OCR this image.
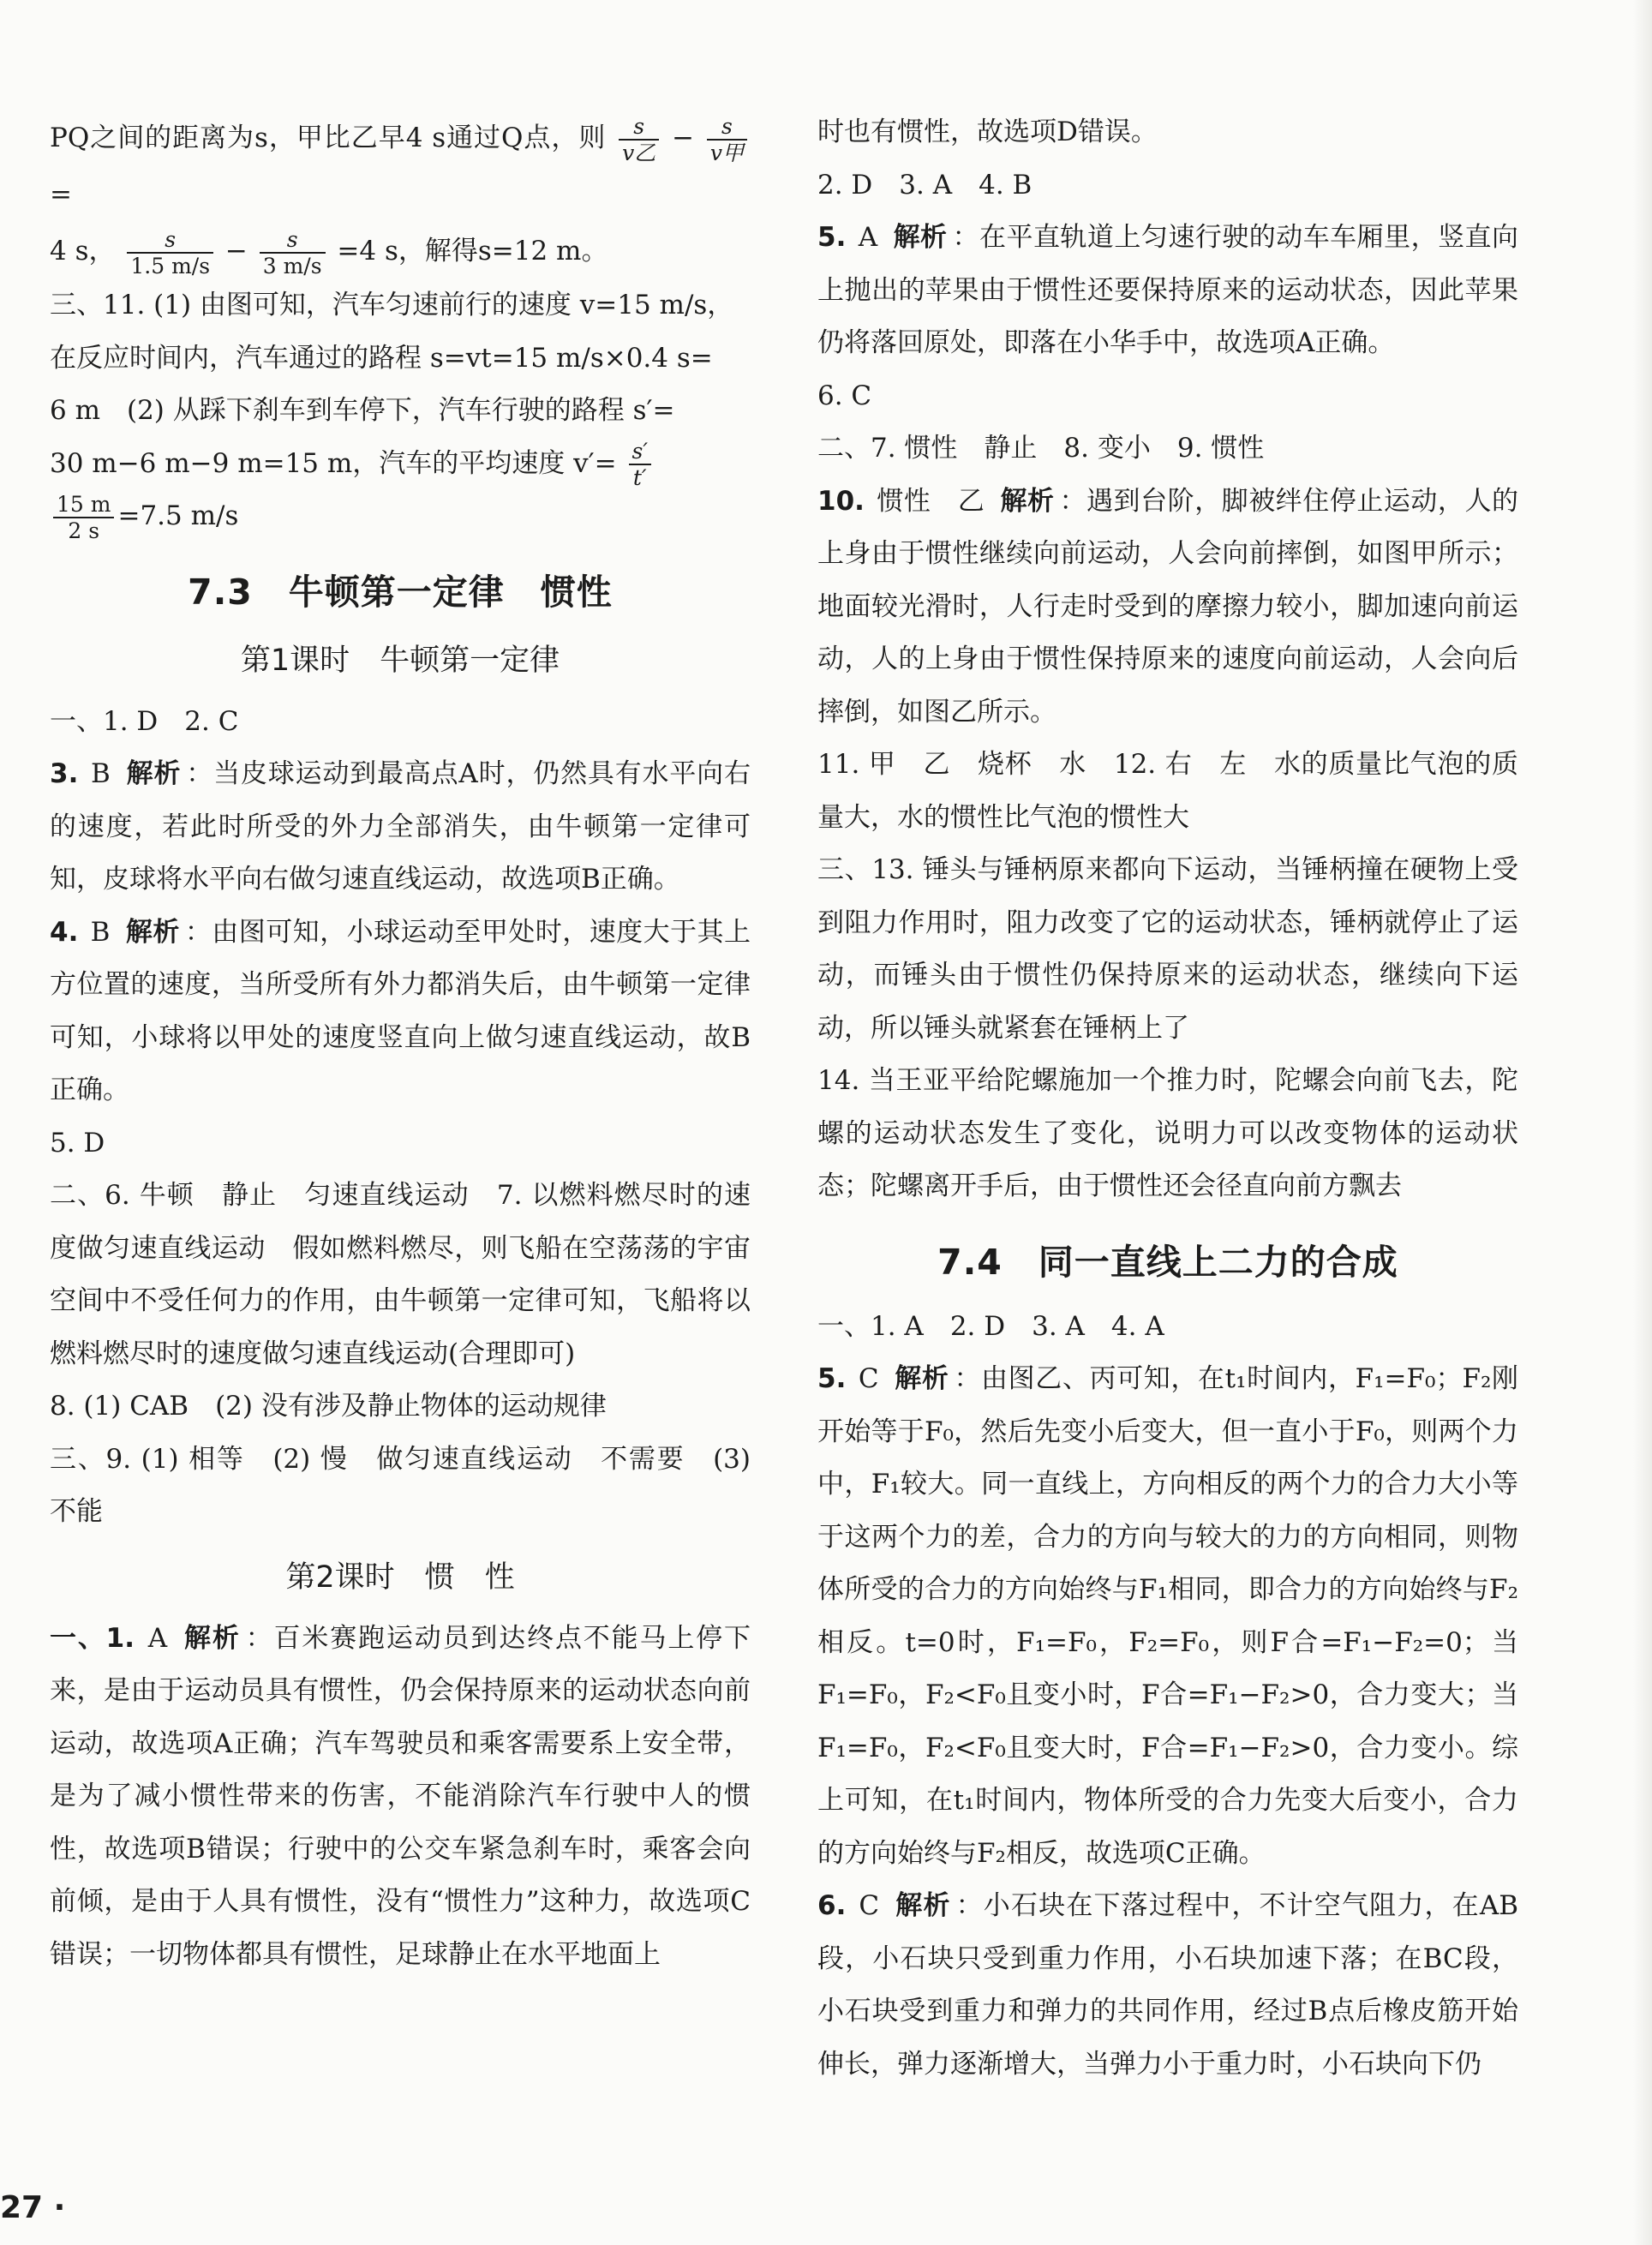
PQ之间的距离为s，甲比乙早4 s通过Q点，则 $\frac{s}{\text{v乙}} - \frac{s}{\text{v甲}}$
=

4 s， $\frac{s}{1.5 m/s} - \frac{s}{3 m/s} =4$ s，解得s=12 m。

三、11. (1) 由图可知，汽车匀速前行的速度 v=15 m/s，
在反应时间内，汽车通过的路程 s=vt=15 m/s×0.4 s=
6 m　(2) 从踩下刹车到车停下，汽车行驶的路程 s′=
30 m−6 m−9 m=15 m，汽车的平均速度 $v'= \frac{s'}{t'}$

$\frac{15 m}{2 s} =7.5$ m/s

7.3　牛顿第一定律　惯性
第1课时　牛顿第一定律

一、1. D　2. C

3. B 解析 ：当皮球运动到最高点A时，仍然具有水平向右的速度，若此时所受的外力全部消失，由牛顿第一定律可知，皮球将水平向右做匀速直线运动，故选项B正确。

4. B 解析 ：由图可知，小球运动至甲处时，速度大于其上方位置的速度，当所受所有外力都消失后，由牛顿第一定律可知，小球将以甲处的速度竖直向上做匀速直线运动，故B正确。

5. D

二、6. 牛顿　静止　匀速直线运动　7. 以燃料燃尽时的速度做匀速直线运动　假如燃料燃尽，则飞船在空荡荡的宇宙空间中不受任何力的作用，由牛顿第一定律可知，飞船将以燃料燃尽时的速度做匀速直线运动(合理即可)

8. (1) CAB　(2) 没有涉及静止物体的运动规律

三、9. (1) 相等　(2) 慢　做匀速直线运动　不需要　(3) 不能

第2课时　惯　性

一、1. A 解析 ：百米赛跑运动员到达终点不能马上停下来，是由于运动员具有惯性，仍会保持原来的运动状态向前运动，故选项A正确；汽车驾驶员和乘客需要系上安全带，是为了减小惯性带来的伤害，不能消除汽车行驶中人的惯性，故选项B错误；行驶中的公交车紧急刹车时，乘客会向前倾，是由于人具有惯性，没有“惯性力”这种力，故选项C错误；一切物体都具有惯性，足球静止在水平地面上

时也有惯性，故选项D错误。

2. D　3. A　4. B

5. A 解析 ：在平直轨道上匀速行驶的动车车厢里，竖直向上抛出的苹果由于惯性还要保持原来的运动状态，因此苹果仍将落回原处，即落在小华手中，故选项A正确。

6. C

二、7. 惯性　静止　8. 变小　9. 惯性

10. 惯性　乙 解析 ：遇到台阶，脚被绊住停止运动，人的上身由于惯性继续向前运动，人会向前摔倒，如图甲所示；地面较光滑时，人行走时受到的摩擦力较小，脚加速向前运动，人的上身由于惯性保持原来的速度向前运动，人会向后摔倒，如图乙所示。

11. 甲　乙　烧杯　水　12. 右　左　水的质量比气泡的质量大，水的惯性比气泡的惯性大

三、13. 锤头与锤柄原来都向下运动，当锤柄撞在硬物上受到阻力作用时，阻力改变了它的运动状态，锤柄就停止了运动，而锤头由于惯性仍保持原来的运动状态，继续向下运动，所以锤头就紧套在锤柄上了

14. 当王亚平给陀螺施加一个推力时，陀螺会向前飞去，陀螺的运动状态发生了变化，说明力可以改变物体的运动状态；陀螺离开手后，由于惯性还会径直向前方飘去

7.4　同一直线上二力的合成

一、1. A　2. D　3. A　4. A

5. C 解析 ：由图乙、丙可知，在t₁时间内，F₁=F₀；F₂刚开始等于F₀，然后先变小后变大，但一直小于F₀，则两个力中，F₁较大。同一直线上，方向相反的两个力的合力大小等于这两个力的差，合力的方向与较大的力的方向相同，则物体所受的合力的方向始终与F₁相同，即合力的方向始终与F₂相反。t=0时，F₁=F₀，F₂=F₀，则F合=F₁−F₂=0；当F₁=F₀，F₂<F₀且变小时，F合=F₁−F₂>0，合力变大；当F₁=F₀，F₂<F₀且变大时，F合=F₁−F₂>0，合力变小。综上可知，在t₁时间内，物体所受的合力先变大后变小，合力的方向始终与F₂相反，故选项C正确。

6. C 解析 ：小石块在下落过程中，不计空气阻力，在AB段，小石块只受到重力作用，小石块加速下落；在BC段，小石块受到重力和弹力的共同作用，经过B点后橡皮筋开始伸长，弹力逐渐增大，当弹力小于重力时，小石块向下仍

27 ·
